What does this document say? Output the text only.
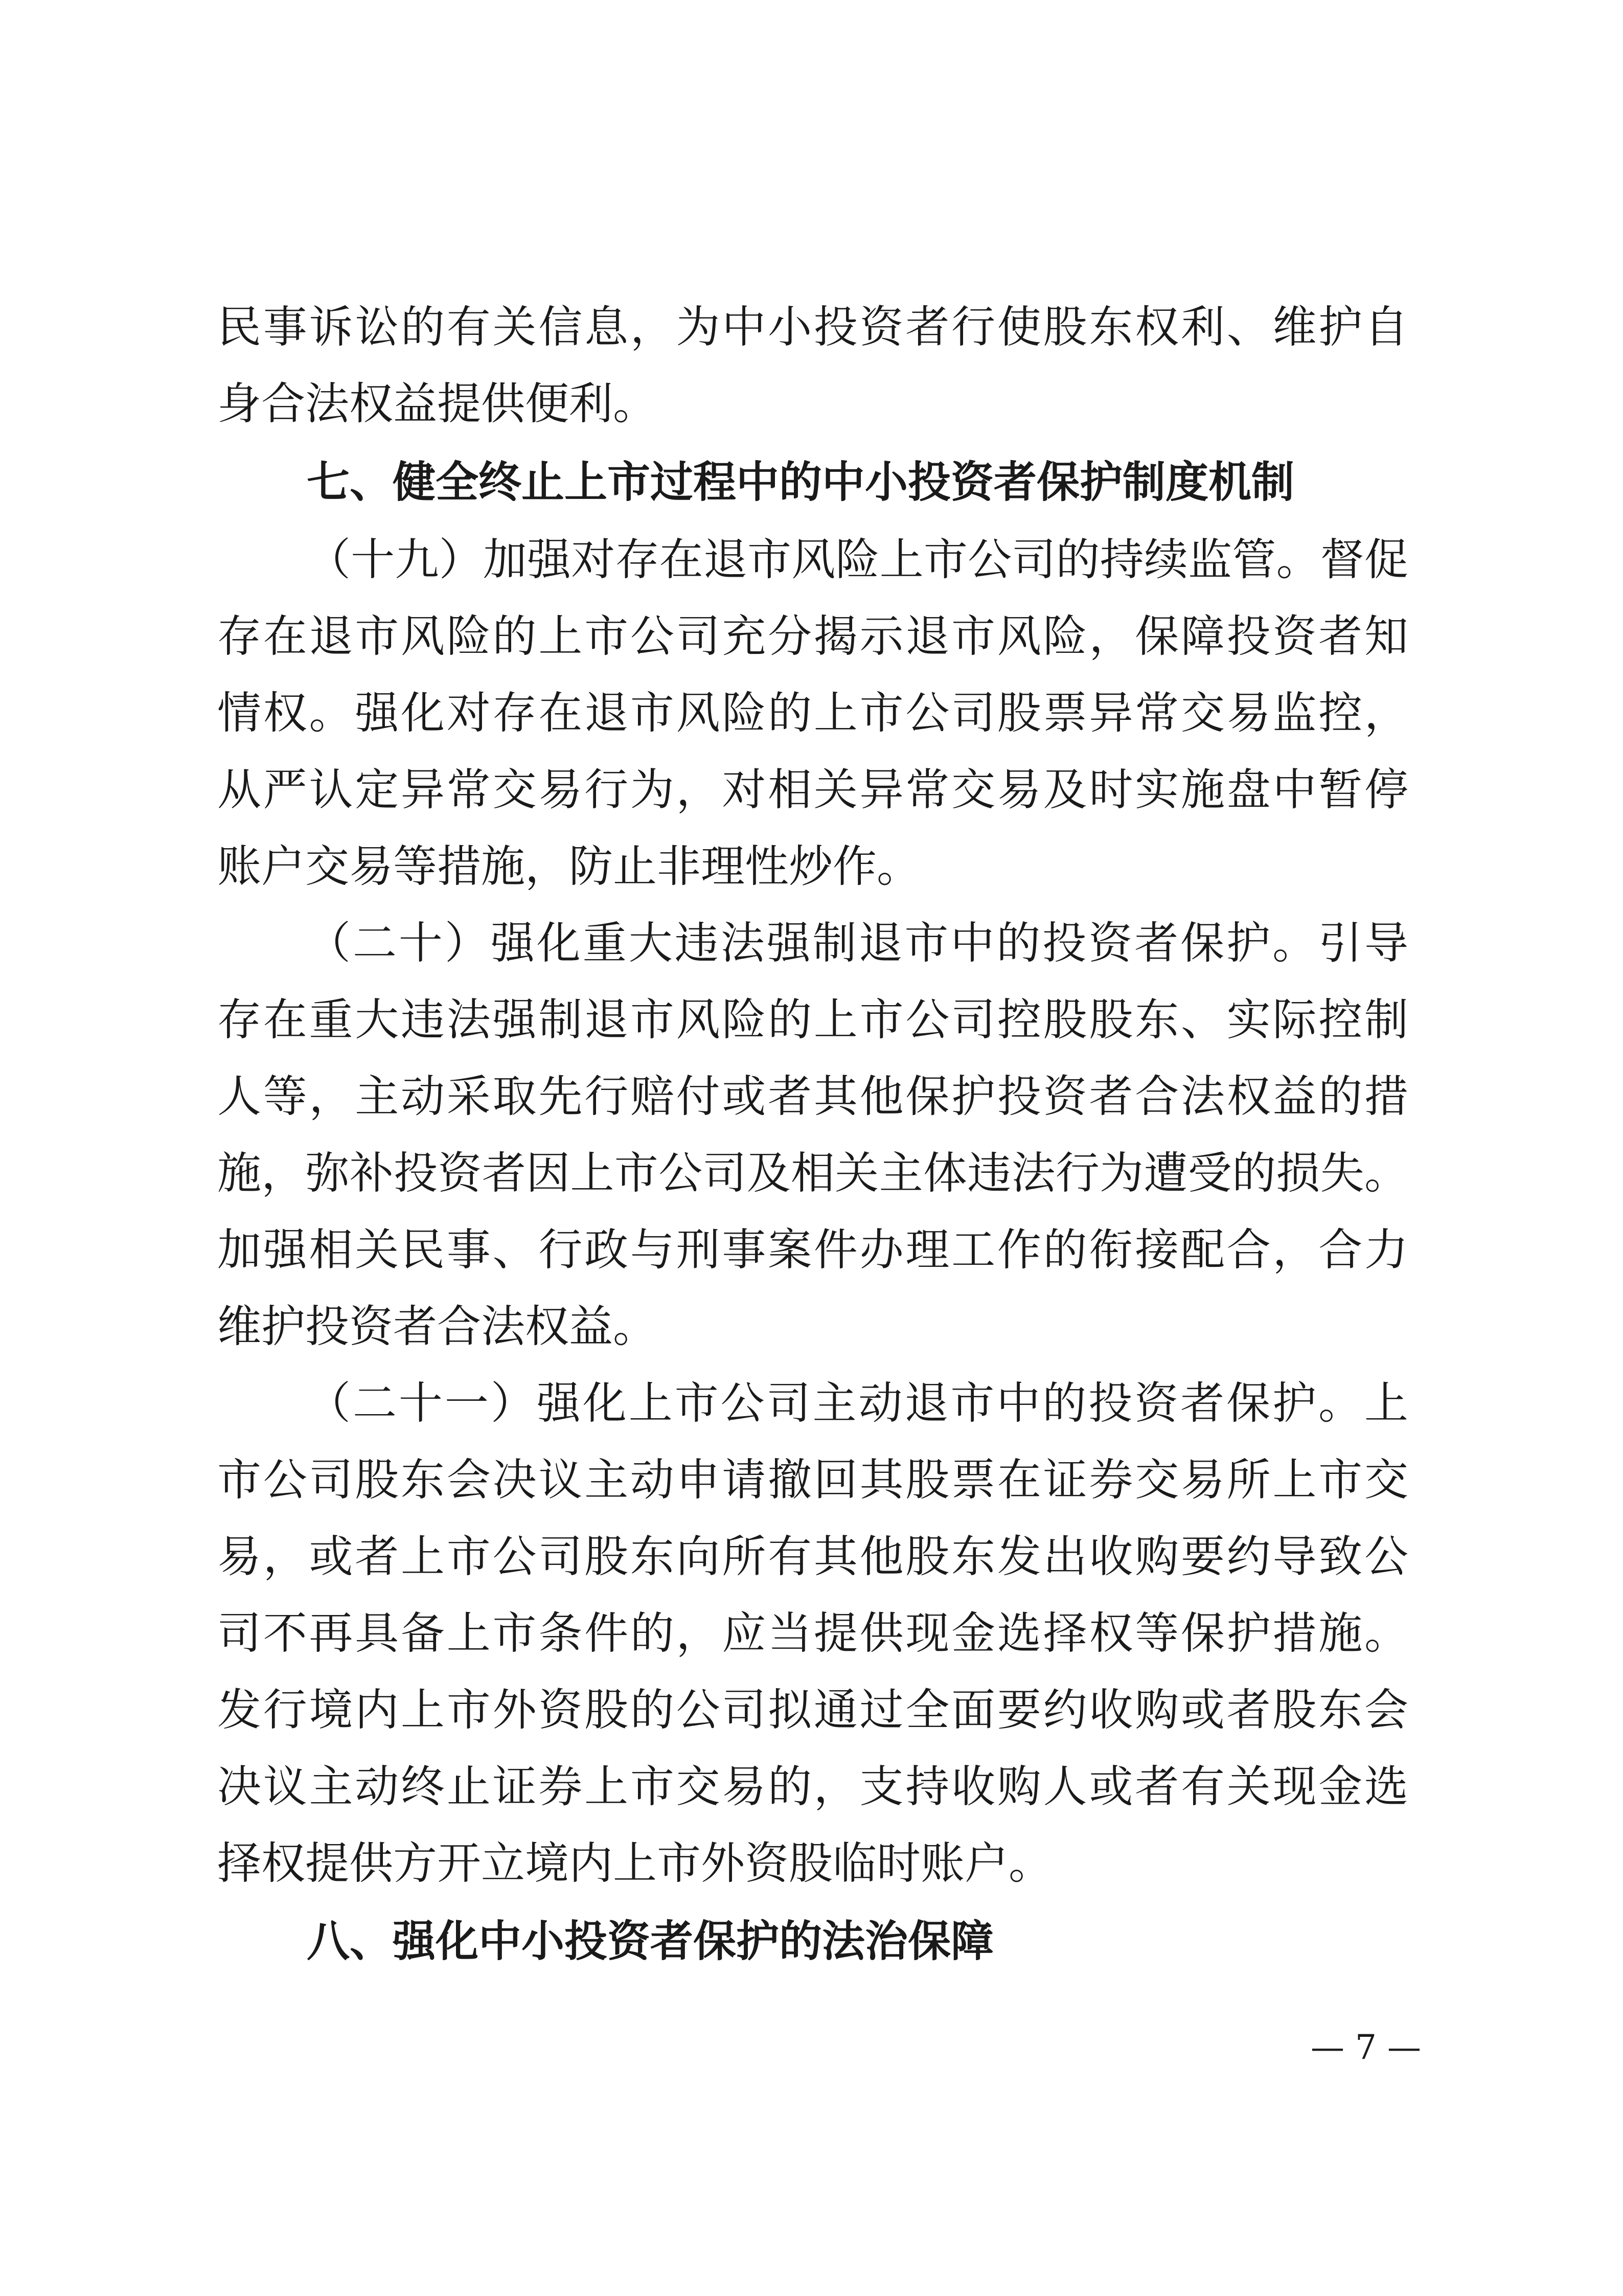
民事诉讼的有关信息，为中小投资者行使股东权利、维护自
身合法权益提供便利。
七、健全终止上市过程中的中小投资者保护制度机制
（十九）加强对存在退市风险上市公司的持续监管。督促
存在退市风险的上市公司充分揭示退市风险，保障投资者知
情权。强化对存在退市风险的上市公司股票异常交易监控，
从严认定异常交易行为，对相关异常交易及时实施盘中暂停
账户交易等措施，防止非理性炒作。
（二十）强化重大违法强制退市中的投资者保护。引导
存在重大违法强制退市风险的上市公司控股股东、实际控制
人等，主动采取先行赔付或者其他保护投资者合法权益的措
施，弥补投资者因上市公司及相关主体违法行为遭受的损失。
加强相关民事、行政与刑事案件办理工作的衔接配合，合力
维护投资者合法权益。
（二十一）强化上市公司主动退市中的投资者保护。上
市公司股东会决议主动申请撤回其股票在证券交易所上市交
易，或者上市公司股东向所有其他股东发出收购要约导致公
司不再具备上市条件的，应当提供现金选择权等保护措施。
发行境内上市外资股的公司拟通过全面要约收购或者股东会
决议主动终止证券上市交易的，支持收购人或者有关现金选
择权提供方开立境内上市外资股临时账户。
八、强化中小投资者保护的法治保障
— 7 —
